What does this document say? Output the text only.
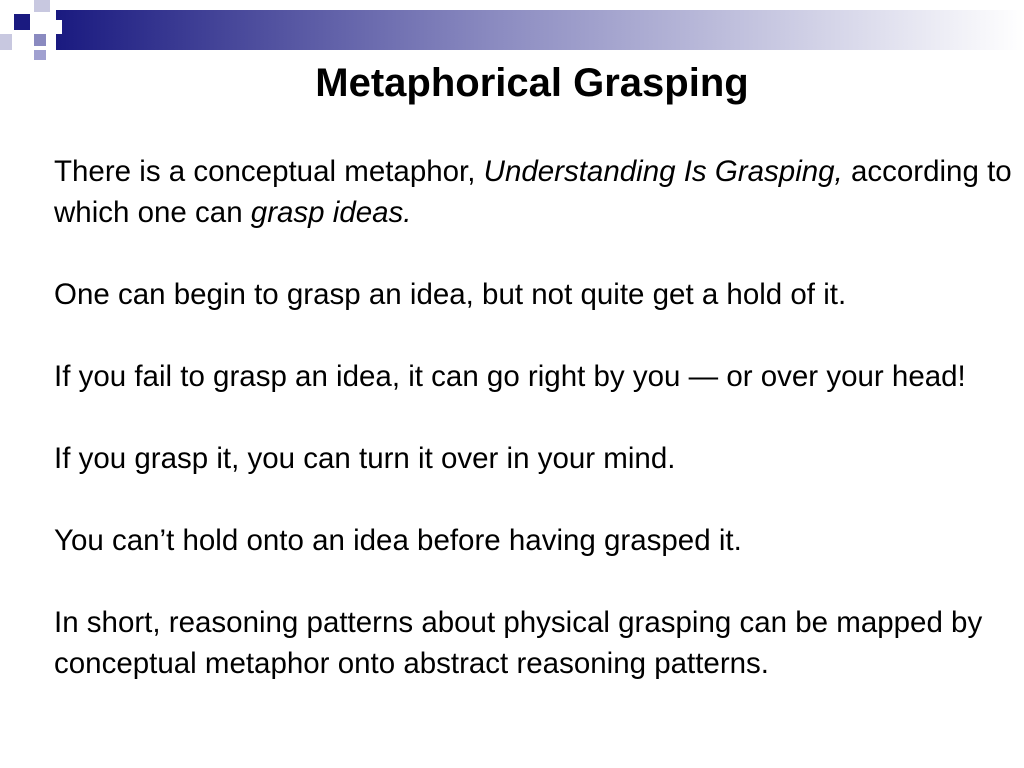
Metaphorical Grasping

There is a conceptual metaphor, Understanding Is Grasping, according to which one can grasp ideas.

One can begin to grasp an idea, but not quite get a hold of it.

If you fail to grasp an idea, it can go right by you — or over your head!

If you grasp it, you can turn it over in your mind.

You can’t hold onto an idea before having grasped it.

In short, reasoning patterns about physical grasping can be mapped by conceptual metaphor onto abstract reasoning patterns.
